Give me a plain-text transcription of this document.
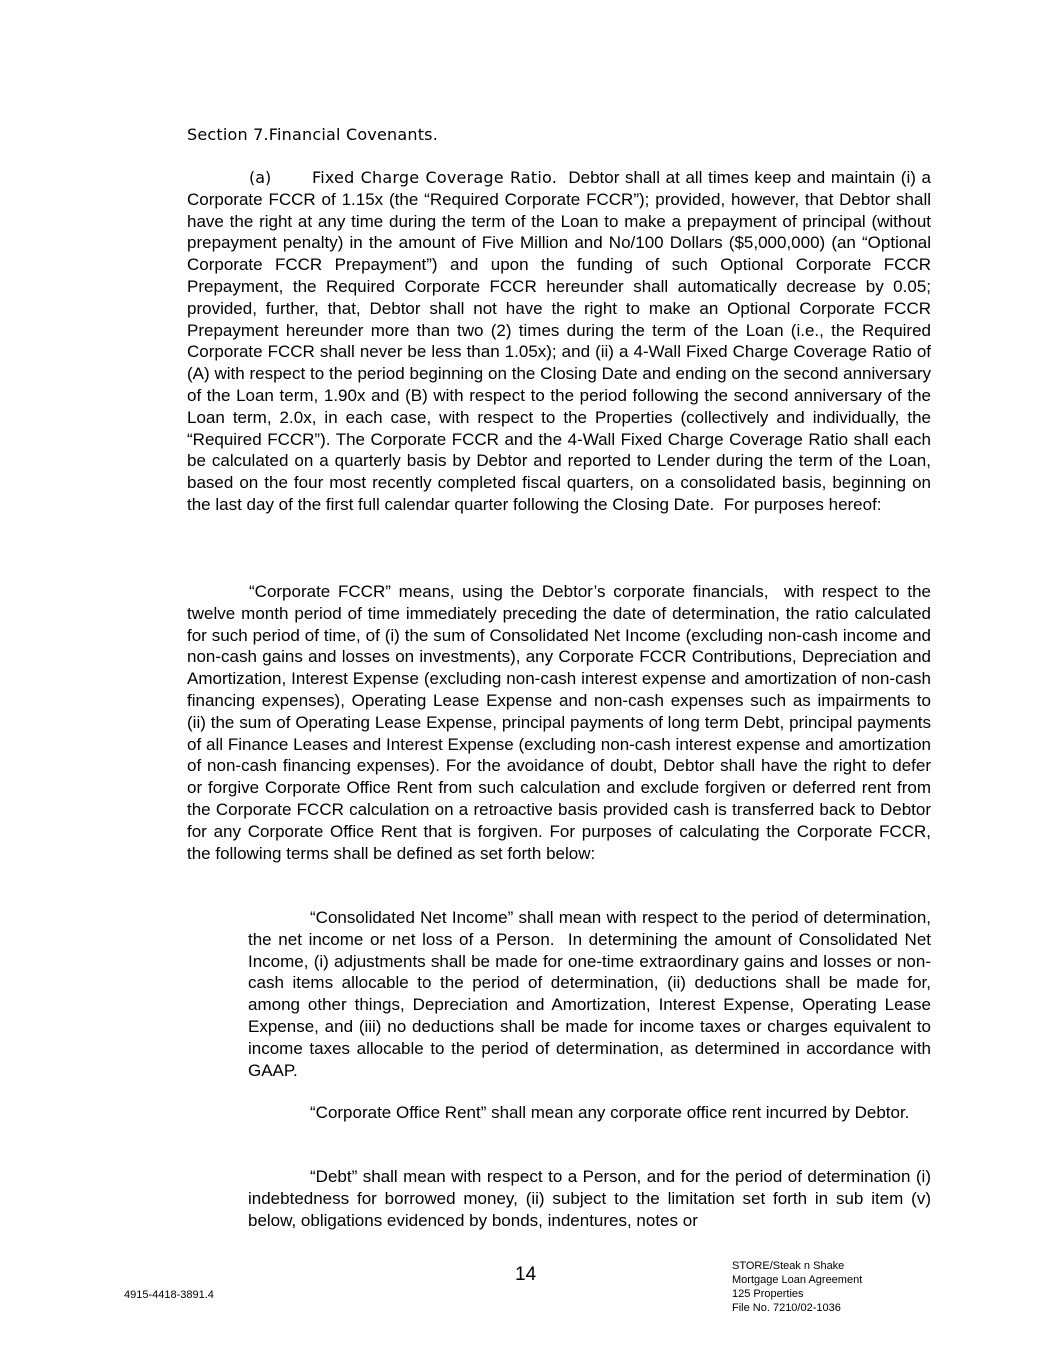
Section 7.Financial Covenants.

(a)	Fixed Charge Coverage Ratio.  Debtor shall at all times keep and maintain (i) a Corporate FCCR of 1.15x (the “Required Corporate FCCR”); provided, however, that Debtor shall have the right at any time during the term of the Loan to make a prepayment of principal (without prepayment penalty) in the amount of Five Million and No/100 Dollars ($5,000,000) (an “Optional Corporate FCCR Prepayment”) and upon the funding of such Optional Corporate FCCR Prepayment, the Required Corporate FCCR hereunder shall automatically decrease by 0.05; provided, further, that, Debtor shall not have the right to make an Optional Corporate FCCR Prepayment hereunder more than two (2) times during the term of the Loan (i.e., the Required Corporate FCCR shall never be less than 1.05x); and (ii) a 4-Wall Fixed Charge Coverage Ratio of (A) with respect to the period beginning on the Closing Date and ending on the second anniversary of the Loan term, 1.90x and (B) with respect to the period following the second anniversary of the Loan term, 2.0x, in each case, with respect to the Properties (collectively and individually, the “Required FCCR”). The Corporate FCCR and the 4-Wall Fixed Charge Coverage Ratio shall each be calculated on a quarterly basis by Debtor and reported to Lender during the term of the Loan, based on the four most recently completed fiscal quarters, on a consolidated basis, beginning on the last day of the first full calendar quarter following the Closing Date.  For purposes hereof:

“Corporate FCCR” means, using the Debtor’s corporate financials,  with respect to the twelve month period of time immediately preceding the date of determination, the ratio calculated for such period of time, of (i) the sum of Consolidated Net Income (excluding non-cash income and non-cash gains and losses on investments), any Corporate FCCR Contributions, Depreciation and Amortization, Interest Expense (excluding non-cash interest expense and amortization of non-cash financing expenses), Operating Lease Expense and non-cash expenses such as impairments to (ii) the sum of Operating Lease Expense, principal payments of long term Debt, principal payments of all Finance Leases and Interest Expense (excluding non-cash interest expense and amortization of non-cash financing expenses). For the avoidance of doubt, Debtor shall have the right to defer or forgive Corporate Office Rent from such calculation and exclude forgiven or deferred rent from the Corporate FCCR calculation on a retroactive basis provided cash is transferred back to Debtor for any Corporate Office Rent that is forgiven. For purposes of calculating the Corporate FCCR, the following terms shall be defined as set forth below:

“Consolidated Net Income” shall mean with respect to the period of determination, the net income or net loss of a Person.  In determining the amount of Consolidated Net Income, (i) adjustments shall be made for one-time extraordinary gains and losses or non-cash items allocable to the period of determination, (ii) deductions shall be made for, among other things, Depreciation and Amortization, Interest Expense, Operating Lease Expense, and (iii) no deductions shall be made for income taxes or charges equivalent to income taxes allocable to the period of determination, as determined in accordance with GAAP.

“Corporate Office Rent” shall mean any corporate office rent incurred by Debtor.

“Debt” shall mean with respect to a Person, and for the period of determination (i) indebtedness for borrowed money, (ii) subject to the limitation set forth in sub item (v) below, obligations evidenced by bonds, indentures, notes or

14
4915-4418-3891.4
STORE/Steak n Shake
Mortgage Loan Agreement
125 Properties
File No. 7210/02-1036
